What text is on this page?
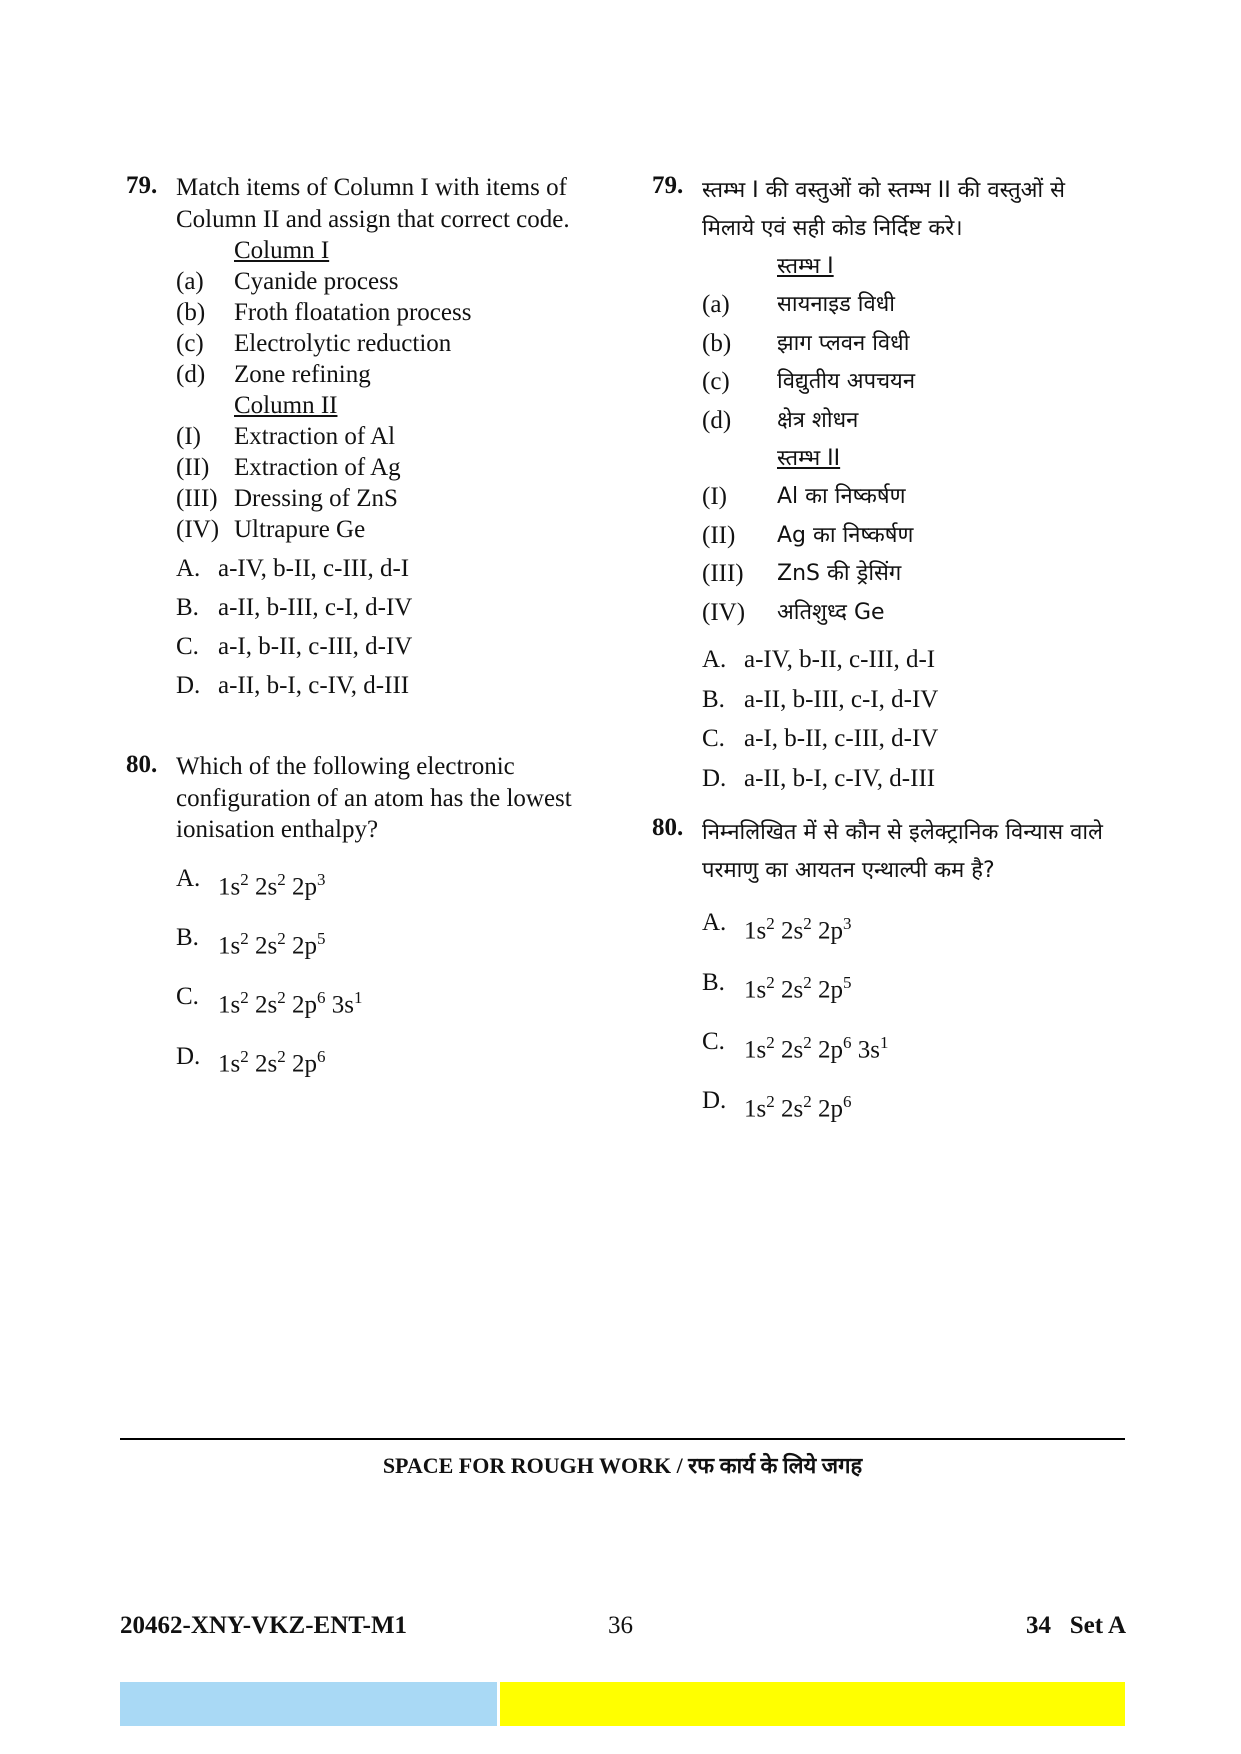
79. Match items of Column I with items of Column II and assign that correct code.
Column I
(a)	Cyanide process
(b)	Froth floatation process
(c)	Electrolytic reduction
(d)	Zone refining
Column II
(I)	Extraction of Al
(II) Extraction of Ag
(III) Dressing of ZnS
(IV) Ultrapure Ge
A. a-IV, b-II, c-III, d-I
B. a-II, b-III, c-I, d-IV
C. a-I, b-II, c-III, d-IV
D. a-II, b-I, c-IV, d-III
80. Which of the following electronic configuration of an atom has the lowest ionisation enthalpy?
A. $1s^2$ $2s^2$ $2p^3$
B. $1s^2$ $2s^2$ $2p^5$
C. $1s^2$ $2s^2$ $2p^6$ $3s^1$
D. $1s^2$ $2s^2$ $2p^6$
79. स्तम्भ I की वस्तुओं को स्तम्भ II की वस्तुओं से मिलाये एवं सही कोड निर्दिष्ट करे।
स्तम्भ I
(a)	सायनाइड विधी
(b)	झाग प्लवन विधी
(c)	विद्युतीय अपचयन
(d)	क्षेत्र शोधन
स्तम्भ II
(I)	Al का निष्कर्षण
(II)	Ag का निष्कर्षण
(III)	ZnS की ड्रेसिंग
(IV)	अतिशुध्द Ge
A. a-IV, b-II, c-III, d-I
B. a-II, b-III, c-I, d-IV
C. a-I, b-II, c-III, d-IV
D. a-II, b-I, c-IV, d-III
80. निम्नलिखित में से कौन से इलेक्ट्रानिक विन्यास वाले परमाणु का आयतन एन्थाल्पी कम है?
A. $1s^2$ $2s^2$ $2p^3$
B. $1s^2$ $2s^2$ $2p^5$
C. $1s^2$ $2s^2$ $2p^6$ $3s^1$
D. $1s^2$ $2s^2$ $2p^6$
SPACE FOR ROUGH WORK / रफ कार्य के लिये जगह
20462-XNY-VKZ-ENT-M1	36	34   Set A
